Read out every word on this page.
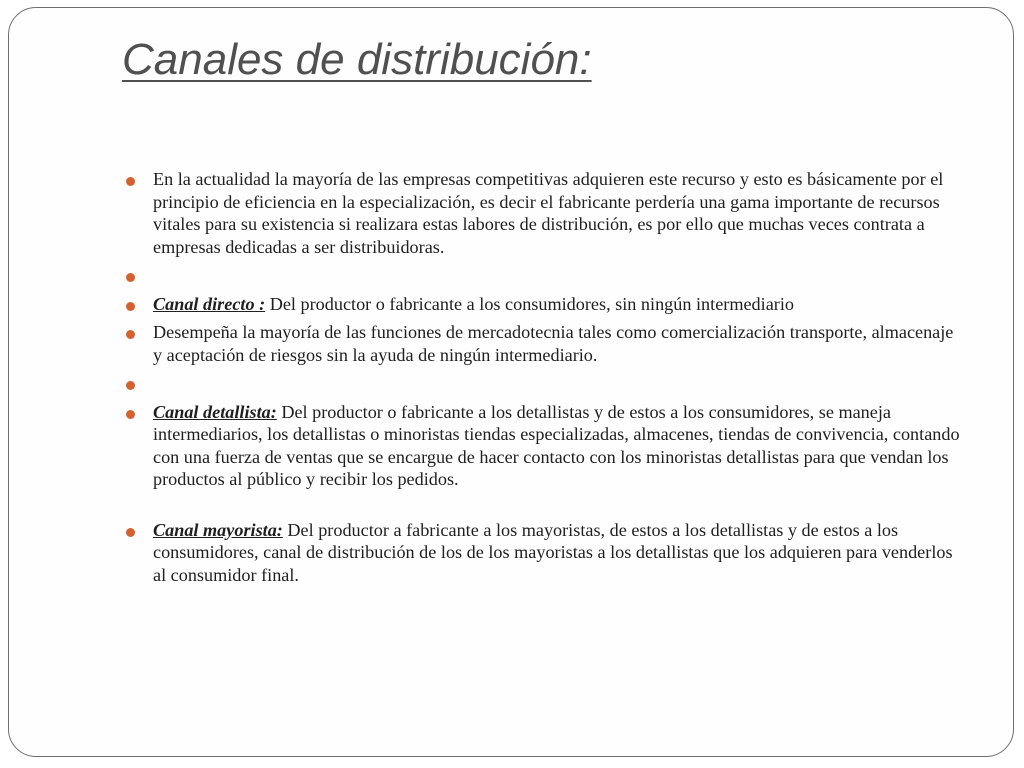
Canales de distribución:
En la actualidad la mayoría de las empresas competitivas adquieren este recurso y esto es básicamente por el principio de eficiencia en la especialización, es decir el fabricante perdería una gama importante de recursos vitales para su existencia si realizara estas labores de distribución, es por ello que muchas veces contrata a empresas dedicadas a ser distribuidoras.
Canal directo : Del productor o fabricante a los consumidores, sin ningún intermediario
Desempeña la mayoría de las funciones de mercadotecnia tales como comercialización transporte, almacenaje y aceptación de riesgos sin la ayuda de ningún intermediario.
Canal detallista: Del productor o fabricante a los detallistas y de estos a los consumidores, se maneja intermediarios, los detallistas o minoristas tiendas especializadas, almacenes, tiendas de convivencia, contando con una fuerza de ventas que se encargue de hacer contacto con los minoristas detallistas para que vendan los productos al público y recibir los pedidos.
Canal mayorista: Del productor a fabricante a los mayoristas, de estos a los detallistas y de estos a los consumidores, canal de distribución de los de los mayoristas a los detallistas que los adquieren para venderlos al consumidor final.
